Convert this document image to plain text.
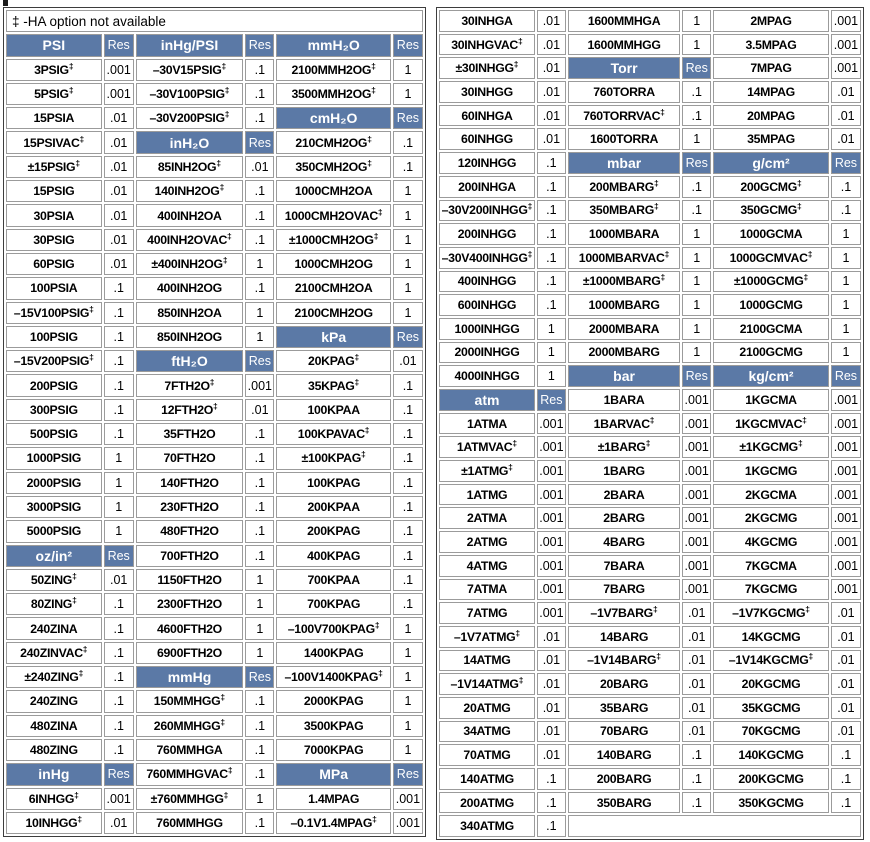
‡ -HA option not available					
PSI	Res	inHg/PSI	Res	mmH₂O	Res
3PSIG‡	.001	–30V15PSIG‡	.1	2100MMH2OG‡	1
5PSIG‡	.001	–30V100PSIG‡	.1	3500MMH2OG‡	1
15PSIA	.01	–30V200PSIG‡	.1	cmH₂O	Res
15PSIVAC‡	.01	inH₂O	Res	210CMH2OG‡	.1
±15PSIG‡	.01	85INH2OG‡	.01	350CMH2OG‡	.1
15PSIG	.01	140INH2OG‡	.1	1000CMH2OA	1
30PSIA	.01	400INH2OA	.1	1000CMH2OVAC‡	1
30PSIG	.01	400INH2OVAC‡	.1	±1000CMH2OG‡	1
60PSIG	.01	±400INH2OG‡	1	1000CMH2OG	1
100PSIA	.1	400INH2OG	.1	2100CMH2OA	1
–15V100PSIG‡	.1	850INH2OA	1	2100CMH2OG	1
100PSIG	.1	850INH2OG	1	kPa	Res
–15V200PSIG‡	.1	ftH₂O	Res	20KPAG‡	.01
200PSIG	.1	7FTH2O‡	.001	35KPAG‡	.1
300PSIG	.1	12FTH2O‡	.01	100KPAA	.1
500PSIG	.1	35FTH2O	.1	100KPAVAC‡	.1
1000PSIG	1	70FTH2O	.1	±100KPAG‡	.1
2000PSIG	1	140FTH2O	.1	100KPAG	.1
3000PSIG	1	230FTH2O	.1	200KPAA	.1
5000PSIG	1	480FTH2O	.1	200KPAG	.1
oz/in²	Res	700FTH2O	.1	400KPAG	.1
50ZING‡	.01	1150FTH2O	1	700KPAA	.1
80ZING‡	.1	2300FTH2O	1	700KPAG	.1
240ZINA	.1	4600FTH2O	1	–100V700KPAG‡	1
240ZINVAC‡	.1	6900FTH2O	1	1400KPAG	1
±240ZING‡	.1	mmHg	Res	–100V1400KPAG‡	1
240ZING	.1	150MMHGG‡	.1	2000KPAG	1
480ZINA	.1	260MMHGG‡	.1	3500KPAG	1
480ZING	.1	760MMHGA	.1	7000KPAG	1
inHg	Res	760MMHGVAC‡	.1	MPa	Res
6INHGG‡	.001	±760MMHGG‡	1	1.4MPAG	.001
10INHGG‡	.01	760MMHGG	.1	–0.1V1.4MPAG‡	.001
30INHGA	.01	1600MMHGA	1	2MPAG	.001
30INHGVAC‡	.01	1600MMHGG	1	3.5MPAG	.001
±30INHGG‡	.01	Torr	Res	7MPAG	.001
30INHGG	.01	760TORRA	.1	14MPAG	.01
60INHGA	.01	760TORRVAC‡	.1	20MPAG	.01
60INHGG	.01	1600TORRA	1	35MPAG	.01
120INHGG	.1	mbar	Res	g/cm²	Res
200INHGA	.1	200MBARG‡	.1	200GCMG‡	.1
–30V200INHGG‡	.1	350MBARG‡	.1	350GCMG‡	.1
200INHGG	.1	1000MBARA	1	1000GCMA	1
–30V400INHGG‡	.1	1000MBARVAC‡	1	1000GCMVAC‡	1
400INHGG	.1	±1000MBARG‡	1	±1000GCMG‡	1
600INHGG	.1	1000MBARG	1	1000GCMG	1
1000INHGG	1	2000MBARA	1	2100GCMA	1
2000INHGG	1	2000MBARG	1	2100GCMG	1
4000INHGG	1	bar	Res	kg/cm²	Res
atm	Res	1BARA	.001	1KGCMA	.001
1ATMA	.001	1BARVAC‡	.001	1KGCMVAC‡	.001
1ATMVAC‡	.001	±1BARG‡	.001	±1KGCMG‡	.001
±1ATMG‡	.001	1BARG	.001	1KGCMG	.001
1ATMG	.001	2BARA	.001	2KGCMA	.001
2ATMA	.001	2BARG	.001	2KGCMG	.001
2ATMG	.001	4BARG	.001	4KGCMG	.001
4ATMG	.001	7BARA	.001	7KGCMA	.001
7ATMA	.001	7BARG	.001	7KGCMG	.001
7ATMG	.001	–1V7BARG‡	.01	–1V7KGCMG‡	.01
–1V7ATMG‡	.01	14BARG	.01	14KGCMG	.01
14ATMG	.01	–1V14BARG‡	.01	–1V14KGCMG‡	.01
–1V14ATMG‡	.01	20BARG	.01	20KGCMG	.01
20ATMG	.01	35BARG	.01	35KGCMG	.01
34ATMG	.01	70BARG	.01	70KGCMG	.01
70ATMG	.01	140BARG	.1	140KGCMG	.1
140ATMG	.1	200BARG	.1	200KGCMG	.1
200ATMG	.1	350BARG	.1	350KGCMG	.1
340ATMG	.1				
